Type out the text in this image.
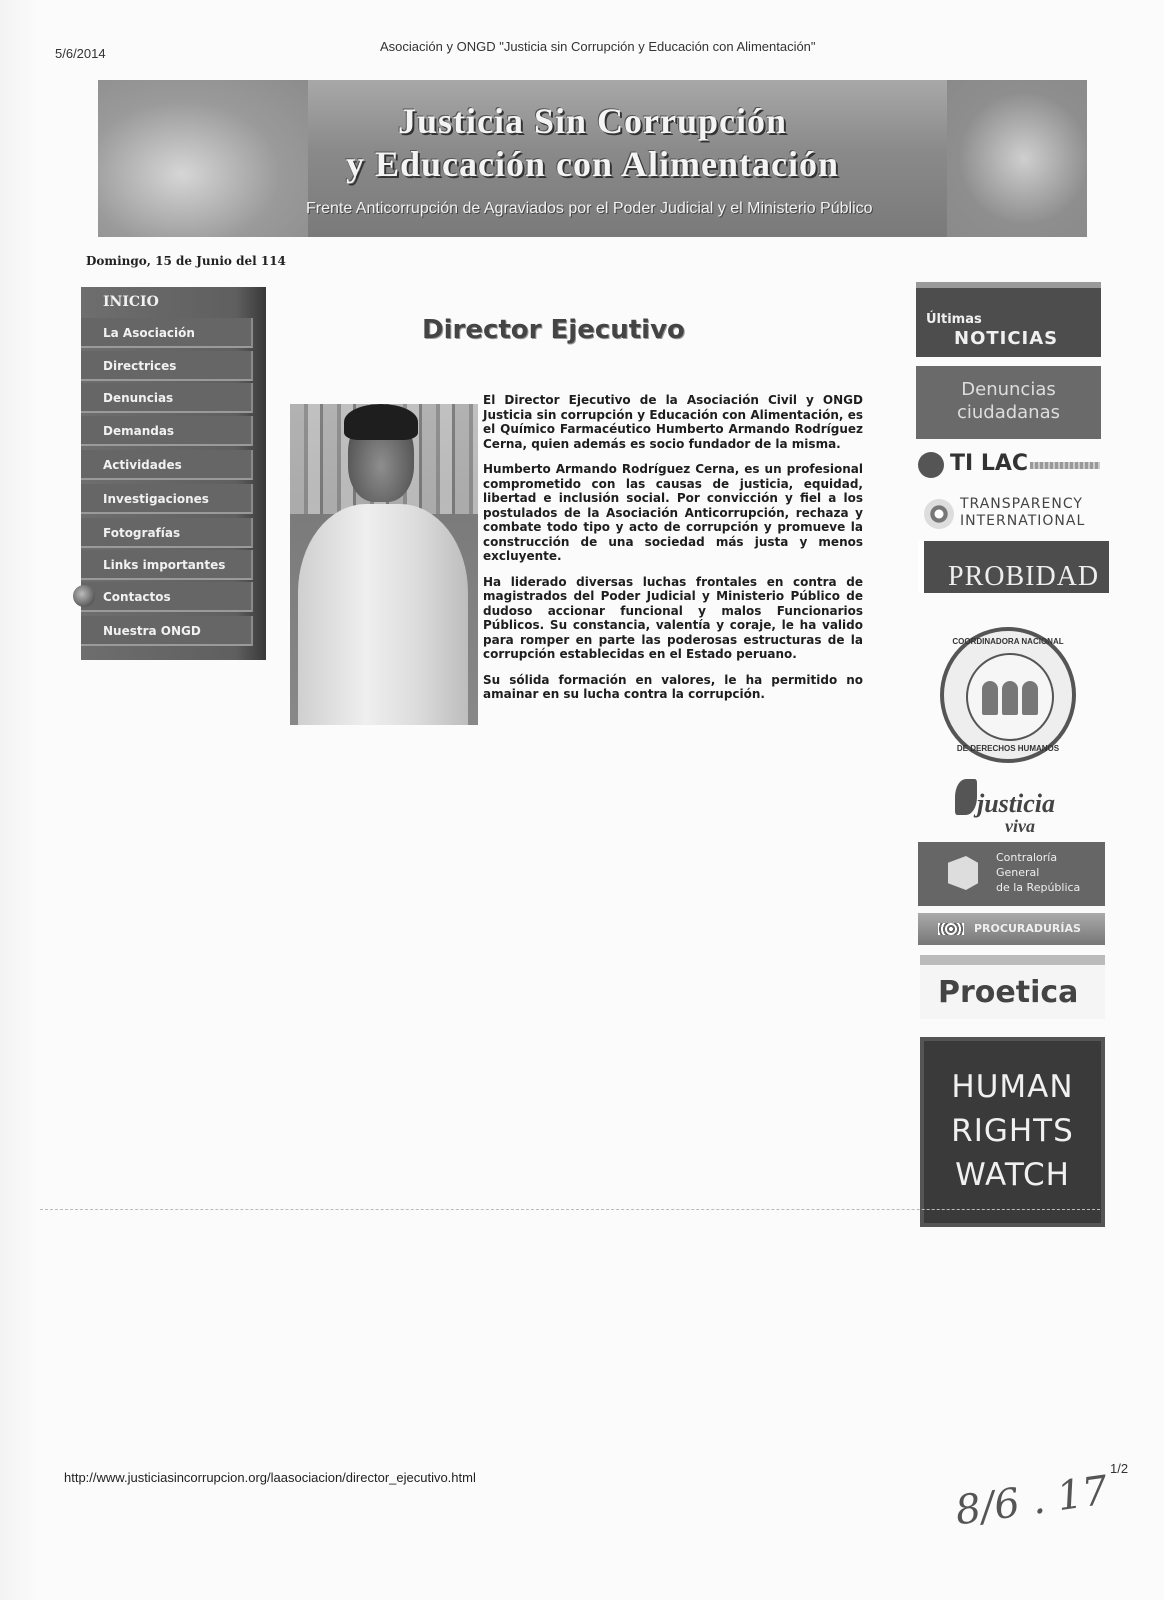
5/6/2014	Asociación y ONGD "Justicia sin Corrupción y Educación con Alimentación"
Justicia Sin Corrupción
y Educación con Alimentación
Frente Anticorrupción de Agraviados por el Poder Judicial y el Ministerio Público
Domingo, 15 de Junio del 114
INICIO
La Asociación
Directrices
Denuncias
Demandas
Actividades
Investigaciones
Fotografías
Links importantes
Contactos
Nuestra ONGD
Director Ejecutivo

El Director Ejecutivo de la Asociación Civil y ONGD Justicia sin corrupción y Educación con Alimentación, es el Químico Farmacéutico Humberto Armando Rodríguez Cerna, quien además es socio fundador de la misma.

Humberto Armando Rodríguez Cerna, es un profesional comprometido con las causas de justicia, equidad, libertad e inclusión social. Por convicción y fiel a los postulados de la Asociación Anticorrupción, rechaza y combate todo tipo y acto de corrupción y promueve la construcción de una sociedad más justa y menos excluyente.

Ha liderado diversas luchas frontales en contra de magistrados del Poder Judicial y Ministerio Público de dudoso accionar funcional y malos Funcionarios Públicos. Su constancia, valentía y coraje, le ha valido para romper en parte las poderosas estructuras de la corrupción establecidas en el Estado peruano.

Su sólida formación en valores, le ha permitido no amainar en su lucha contra la corrupción.

Últimas
NOTICIAS
Denuncias
ciudadanas
TI LAC
TRANSPARENCY
INTERNATIONAL
PROBIDAD
COORDINADORA NACIONAL
DE DERECHOS HUMANOS
justicia
viva
Contraloría
General
de la República
PROCURADURÍAS
Proetica
HUMAN
RIGHTS
WATCH
http://www.justiciasincorrupcion.org/laasociacion/director_ejecutivo.html
1/2
8/6 . 17
